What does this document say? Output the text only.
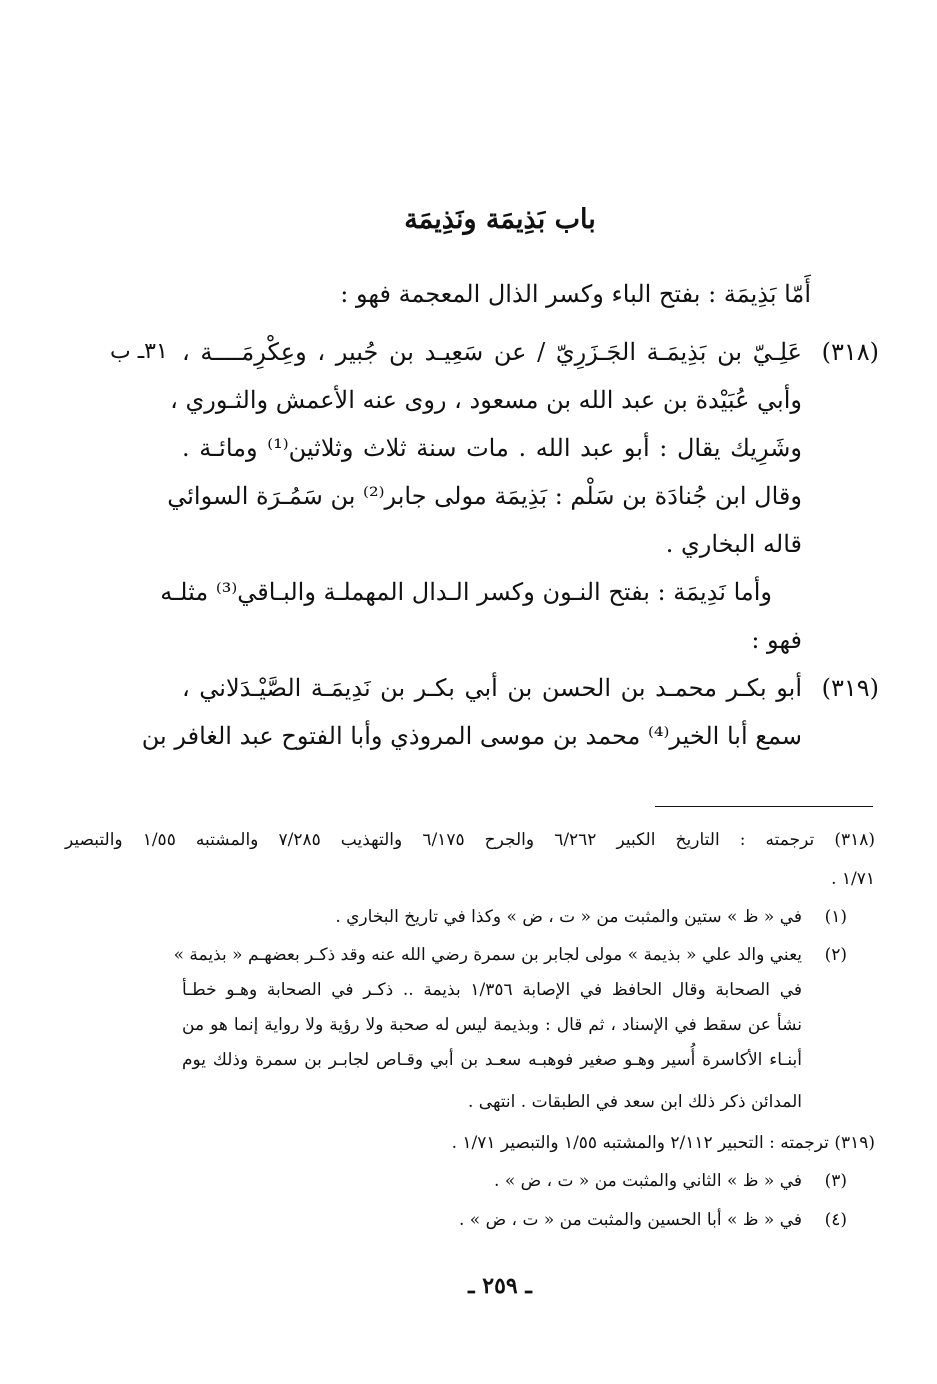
باب بَذِيمَة ونَذِيمَة
أَمّا بَذِيمَة : بفتح الباء وكسر الذال المعجمة فهو :
(٣١٨)
٣١ـ ب عَلِـيّ بن بَذِيمَـة الجَـزَرِيّ / عن سَعِيـد بن جُبير ، وعِكْرِمَــــة ،
وأبي عُبَيْدة بن عبد الله بن مسعود ، روى عنه الأعمش والثـوري ،
وشَرِيك يقال : أبو عبد الله . مات سنة ثلاث وثلاثين⁽¹⁾ ومائـة .
وقال ابن جُنادَة بن سَلْم : بَذِيمَة مولى جابر⁽²⁾ بن سَمُـرَة السوائي
قاله البخاري .
وأما نَدِيمَة : بفتح النـون وكسر الـدال المهملـة والبـاقي⁽³⁾ مثلـه
فهو :
(٣١٩)
أبو بكـر محمـد بن الحسن بن أبي بكـر بن نَدِيمَـة الصَّيْـدَلاني ،
سمع أبا الخير⁽⁴⁾ محمد بن موسى المروذي وأبا الفتوح عبد الغافر بن
(٣١٨) ترجمته : التاريخ الكبير ٦/٢٦٢ والجرح ٦/١٧٥ والتهذيب ٧/٢٨٥ والمشتبه ١/٥٥ والتبصير
١/٧١ .
(١)
في « ظ » ستين والمثبت من « ت ، ض » وكذا في تاريخ البخاري .
(٢)
يعني والد علي « بذيمة » مولى لجابر بن سمرة رضي الله عنه وقد ذكـر بعضهـم « بذيمة »
في الصحابة وقال الحافظ في الإصابة ١/٣٥٦ بذيمة .. ذكـر في الصحابة وهـو خطـأ
نشأ عن سقط في الإسناد ، ثم قال : وبذيمة ليس له صحبة ولا رؤية ولا رواية إنما هو من
أبنـاء الأكاسرة أُسير وهـو صغير فوهبـه سعـد بن أبي وقـاص لجابـر بن سمرة وذلك يوم
المدائن ذكر ذلك ابن سعد في الطبقات . انتهى .
(٣١٩) ترجمته : التحبير ٢/١١٢ والمشتبه ١/٥٥ والتبصير ١/٧١ .
(٣)
في « ظ » الثاني والمثبت من « ت ، ض » .
(٤)
في « ظ » أبا الحسين والمثبت من « ت ، ض » .
ـ ٢٥٩ ـ
